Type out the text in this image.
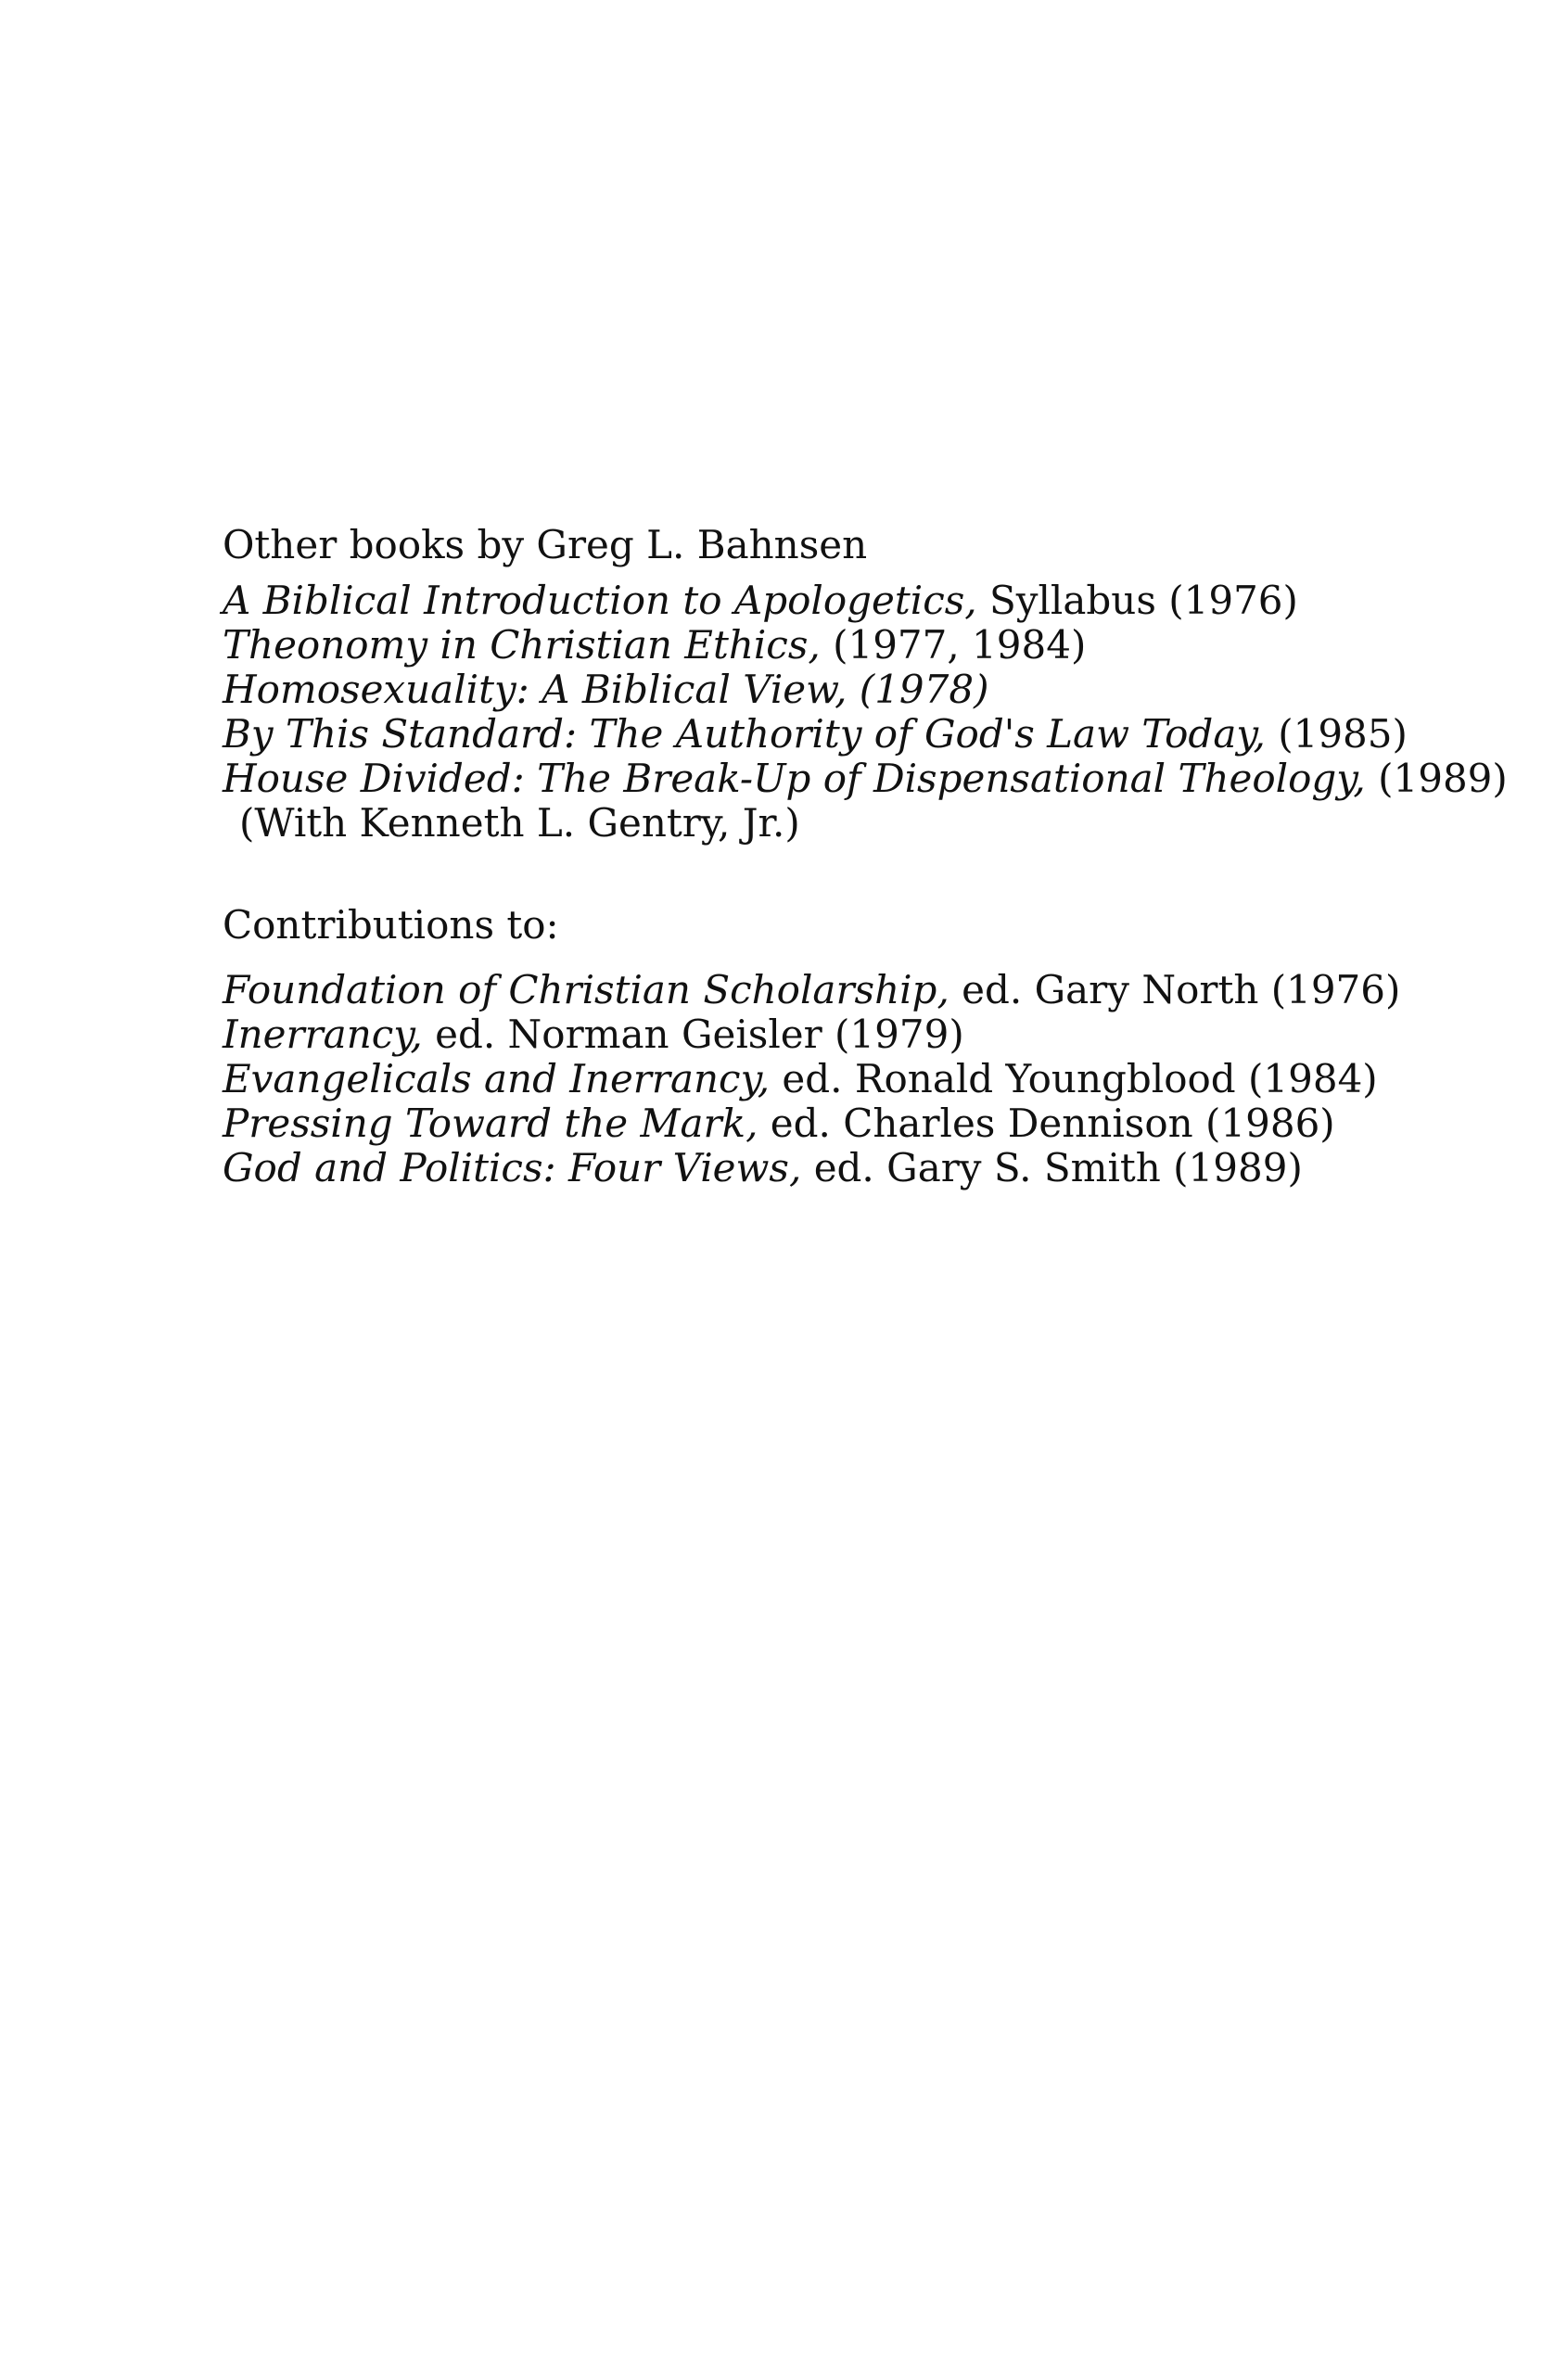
Other books by Greg L. Bahnsen
A Biblical Introduction to Apologetics, Syllabus (1976)
Theonomy in Christian Ethics, (1977, 1984)
Homosexuality: A Biblical View, (1978)
By This Standard: The Authority of God's Law Today, (1985)
House Divided: The Break-Up of Dispensational Theology, (1989)
(With Kenneth L. Gentry, Jr.)
Contributions to:
Foundation of Christian Scholarship, ed. Gary North (1976)
Inerrancy, ed. Norman Geisler (1979)
Evangelicals and Inerrancy, ed. Ronald Youngblood (1984)
Pressing Toward the Mark, ed. Charles Dennison (1986)
God and Politics: Four Views, ed. Gary S. Smith (1989)
